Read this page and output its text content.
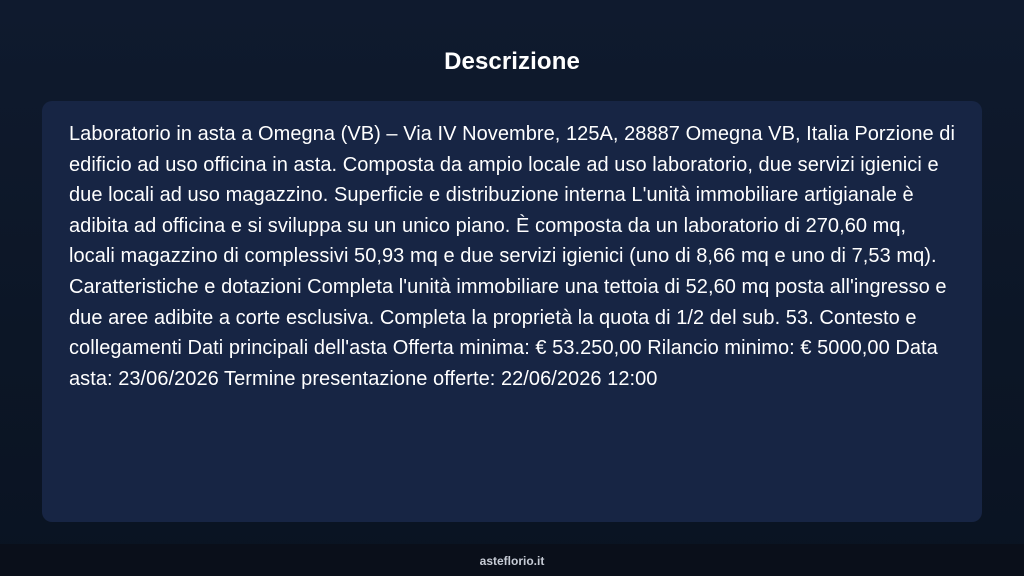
Descrizione

Laboratorio in asta a Omegna (VB) – Via IV Novembre, 125A, 28887 Omegna VB, Italia Porzione di edificio ad uso officina in asta. Composta da ampio locale ad uso laboratorio, due servizi igienici e due locali ad uso magazzino. Superficie e distribuzione interna L'unità immobiliare artigianale è adibita ad officina e si sviluppa su un unico piano. È composta da un laboratorio di 270,60 mq, locali magazzino di complessivi 50,93 mq e due servizi igienici (uno di 8,66 mq e uno di 7,53 mq). Caratteristiche e dotazioni Completa l'unità immobiliare una tettoia di 52,60 mq posta all'ingresso e due aree adibite a corte esclusiva. Completa la proprietà la quota di 1/2 del sub. 53. Contesto e collegamenti Dati principali dell'asta Offerta minima: € 53.250,00 Rilancio minimo: € 5000,00 Data asta: 23/06/2026 Termine presentazione offerte: 22/06/2026 12:00

asteflorio.it
